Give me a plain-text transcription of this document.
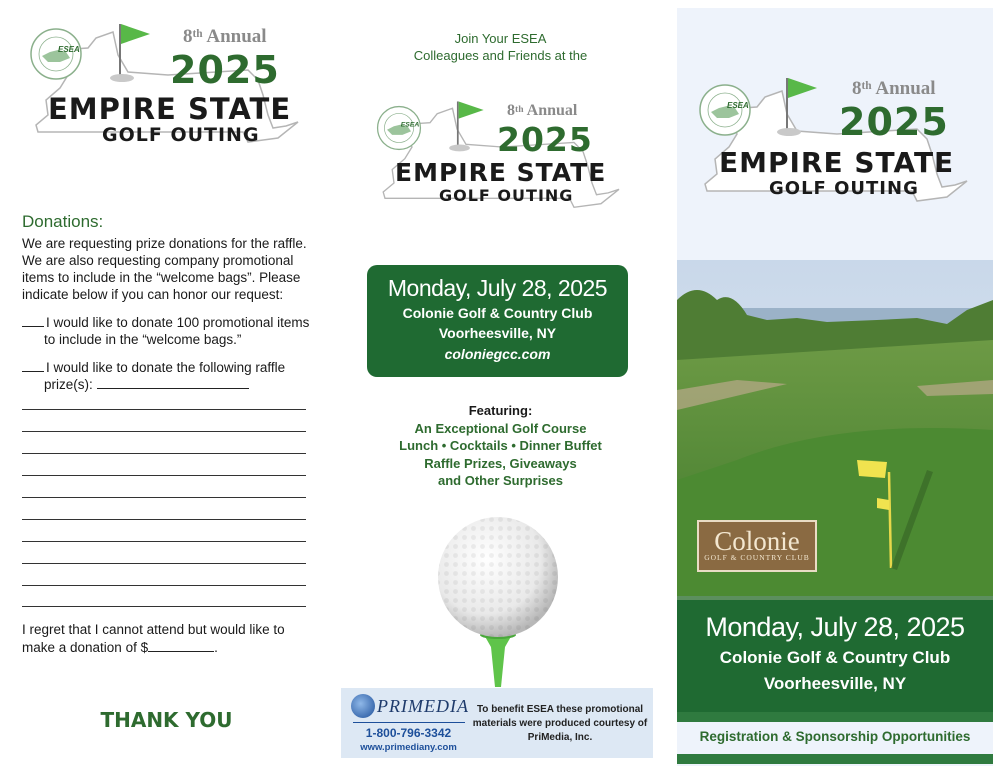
ESEA
8th Annual
2025
EMPIRE STATE
GOLF OUTING
Donations:
We are requesting prize donations for the raffle. We are also requesting company promotional items to include in the “welcome bags”. Please indicate below if you can honor our request:
I would like to donate 100 promotional items
to include in the “welcome bags.”
I would like to donate the following raffle
prize(s):
I regret that I cannot attend but would like to
make a donation of $	.
THANK YOU
Join Your ESEA
Colleagues and Friends at the
ESEA
8th Annual
2025
EMPIRE STATE
GOLF OUTING
Monday, July 28, 2025
Colonie Golf & Country Club
Voorheesville, NY
coloniegcc.com
Featuring:
An Exceptional Golf Course
Lunch • Cocktails • Dinner Buffet
Raffle Prizes, Giveaways
and Other Surprises
PRIMEDIA
1-800-796-3342
www.primediany.com
To benefit ESEA these promotional materials were produced courtesy of PriMedia, Inc.
ESEA
8th Annual
2025
EMPIRE STATE
GOLF OUTING
Colonie
GOLF & COUNTRY CLUB
Monday, July 28, 2025
Colonie Golf & Country Club
Voorheesville, NY
Registration & Sponsorship Opportunities
